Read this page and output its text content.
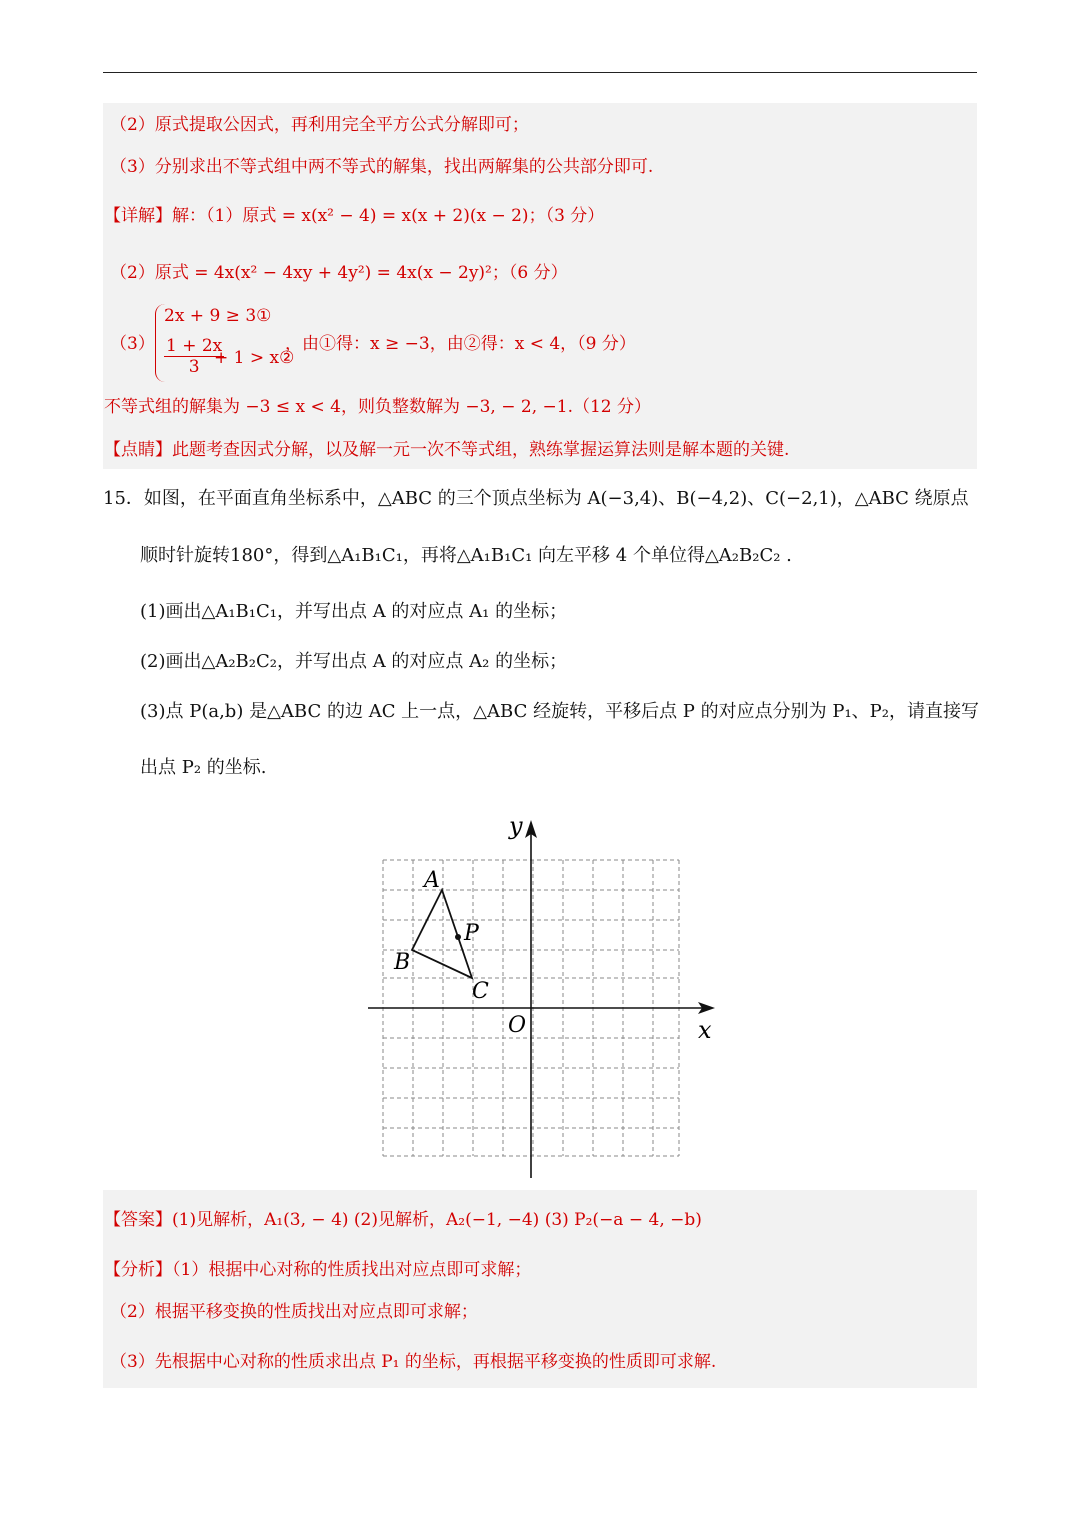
（2）原式提取公因式，再利用完全平方公式分解即可；
（3）分别求出不等式组中两不等式的解集，找出两解集的公共部分即可.
【详解】解：（1）原式 = x(x² − 4) = x(x + 2)(x − 2)；（3 分）
（2）原式 = 4x(x² − 4xy + 4y²) = 4x(x − 2y)²；（6 分）
（3）
2x + 9 ≥ 3①
$\frac{1 + 2x}{3}$
+ 1 > x②
，由①得：x ≥ −3，由②得：x < 4，（9 分）
不等式组的解集为 −3 ≤ x < 4，则负整数解为 −3, − 2, −1.（12 分）
【点睛】此题考查因式分解，以及解一元一次不等式组，熟练掌握运算法则是解本题的关键.
15．如图，在平面直角坐标系中，△ABC 的三个顶点坐标为 A(−3,4)、B(−4,2)、C(−2,1)，△ABC 绕原点
顺时针旋转180°，得到△A₁B₁C₁，再将△A₁B₁C₁ 向左平移 4 个单位得△A₂B₂C₂ .
(1)画出△A₁B₁C₁，并写出点 A 的对应点 A₁ 的坐标；
(2)画出△A₂B₂C₂，并写出点 A 的对应点 A₂ 的坐标；
(3)点 P(a,b) 是△ABC 的边 AC 上一点，△ABC 经旋转，平移后点 P 的对应点分别为 P₁、P₂，请直接写
出点 P₂ 的坐标.
y
x
O
A
B
C
P
【答案】(1)见解析，A₁(3, − 4) (2)见解析，A₂(−1, −4) (3) P₂(−a − 4, −b)
【分析】（1）根据中心对称的性质找出对应点即可求解；
（2）根据平移变换的性质找出对应点即可求解；
（3）先根据中心对称的性质求出点 P₁ 的坐标，再根据平移变换的性质即可求解.
